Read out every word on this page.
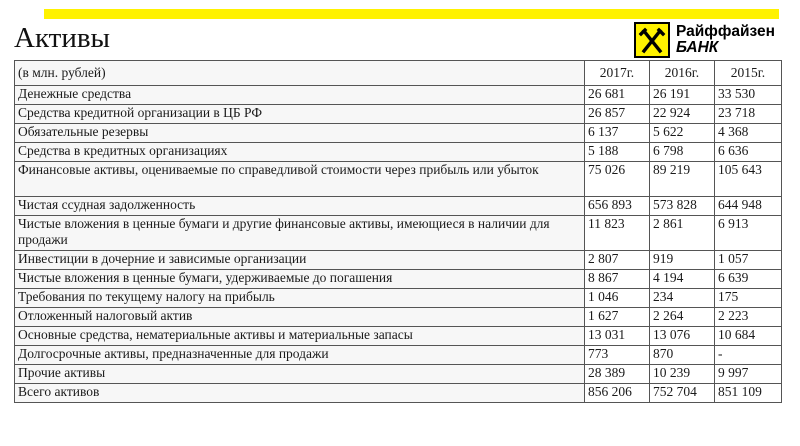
Активы	Райффайзен
БАНК
(в млн. рублей)	2017г.	2016г.	2015г.
Денежные средства	26 681	26 191	33 530
Средства кредитной организации в ЦБ РФ	26 857	22 924	23 718
Обязательные резервы	6 137	5 622	4 368
Средства в кредитных организациях	5 188	6 798	6 636
Финансовые активы, оцениваемые по справедливой стоимости через прибыль или убыток	75 026	89 219	105 643
Чистая ссудная задолженность	656 893	573 828	644 948
Чистые вложения в ценные бумаги и другие финансовые активы, имеющиеся в наличии для продажи	11 823	2 861	6 913
Инвестиции в дочерние и зависимые организации	2 807	919	1 057
Чистые вложения в ценные бумаги, удерживаемые до погашения	8 867	4 194	6 639
Требования по текущему налогу на прибыль	1 046	234	175
Отложенный налоговый актив	1 627	2 264	2 223
Основные средства, нематериальные активы и материальные запасы	13 031	13 076	10 684
Долгосрочные активы, предназначенные для продажи	773	870	-
Прочие активы	28 389	10 239	9 997
Всего активов	856 206	752 704	851 109
